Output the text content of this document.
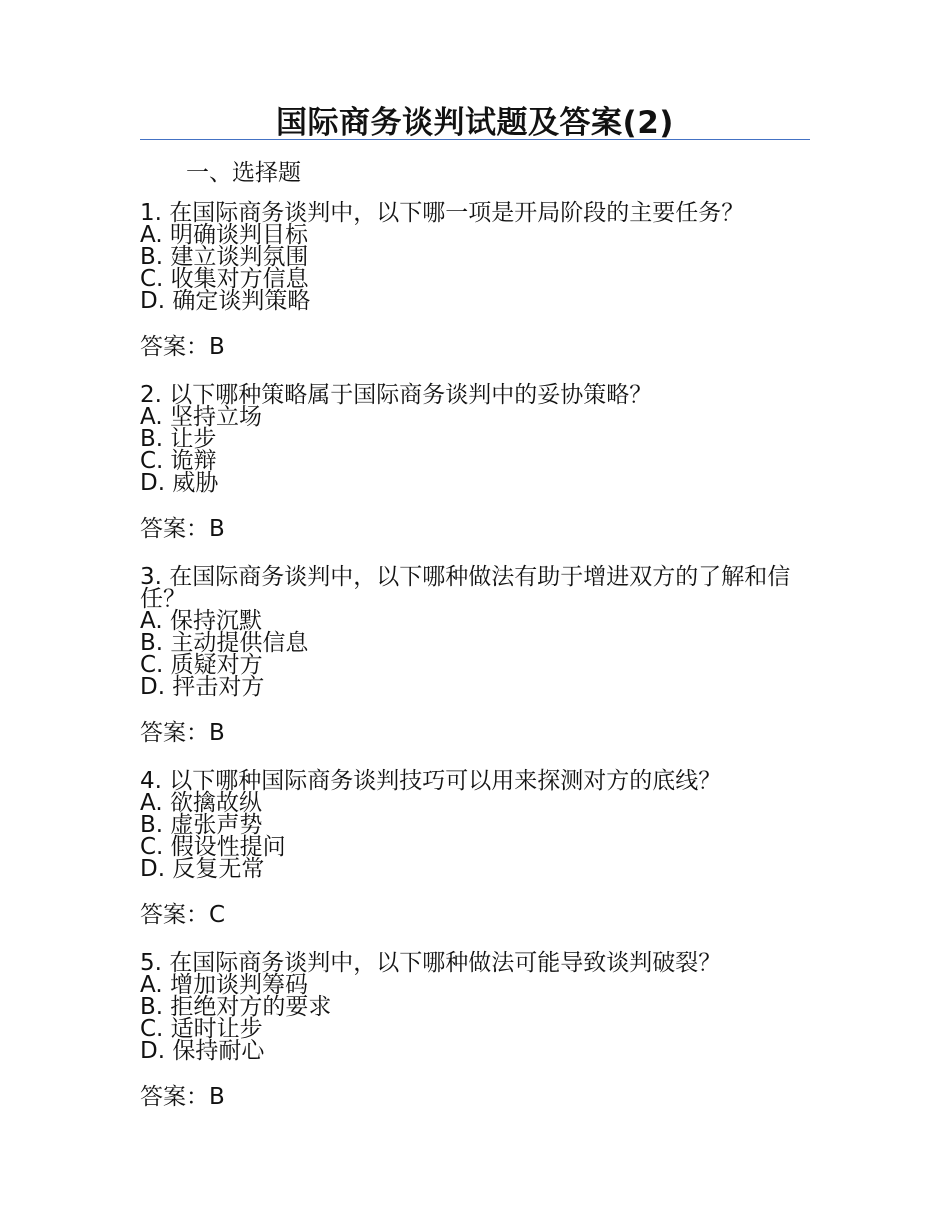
国际商务谈判试题及答案(2)
一、选择题

1. 在国际商务谈判中，以下哪一项是开局阶段的主要任务？

A. 明确谈判目标
B. 建立谈判氛围
C. 收集对方信息
D. 确定谈判策略

答案：B

2. 以下哪种策略属于国际商务谈判中的妥协策略？

A. 坚持立场
B. 让步
C. 诡辩
D. 威胁

答案：B

3. 在国际商务谈判中，以下哪种做法有助于增进双方的了解和信任？

A. 保持沉默
B. 主动提供信息
C. 质疑对方
D. 抨击对方

答案：B

4. 以下哪种国际商务谈判技巧可以用来探测对方的底线？

A. 欲擒故纵
B. 虚张声势
C. 假设性提问
D. 反复无常

答案：C

5. 在国际商务谈判中，以下哪种做法可能导致谈判破裂？

A. 增加谈判筹码
B. 拒绝对方的要求
C. 适时让步
D. 保持耐心

答案：B
